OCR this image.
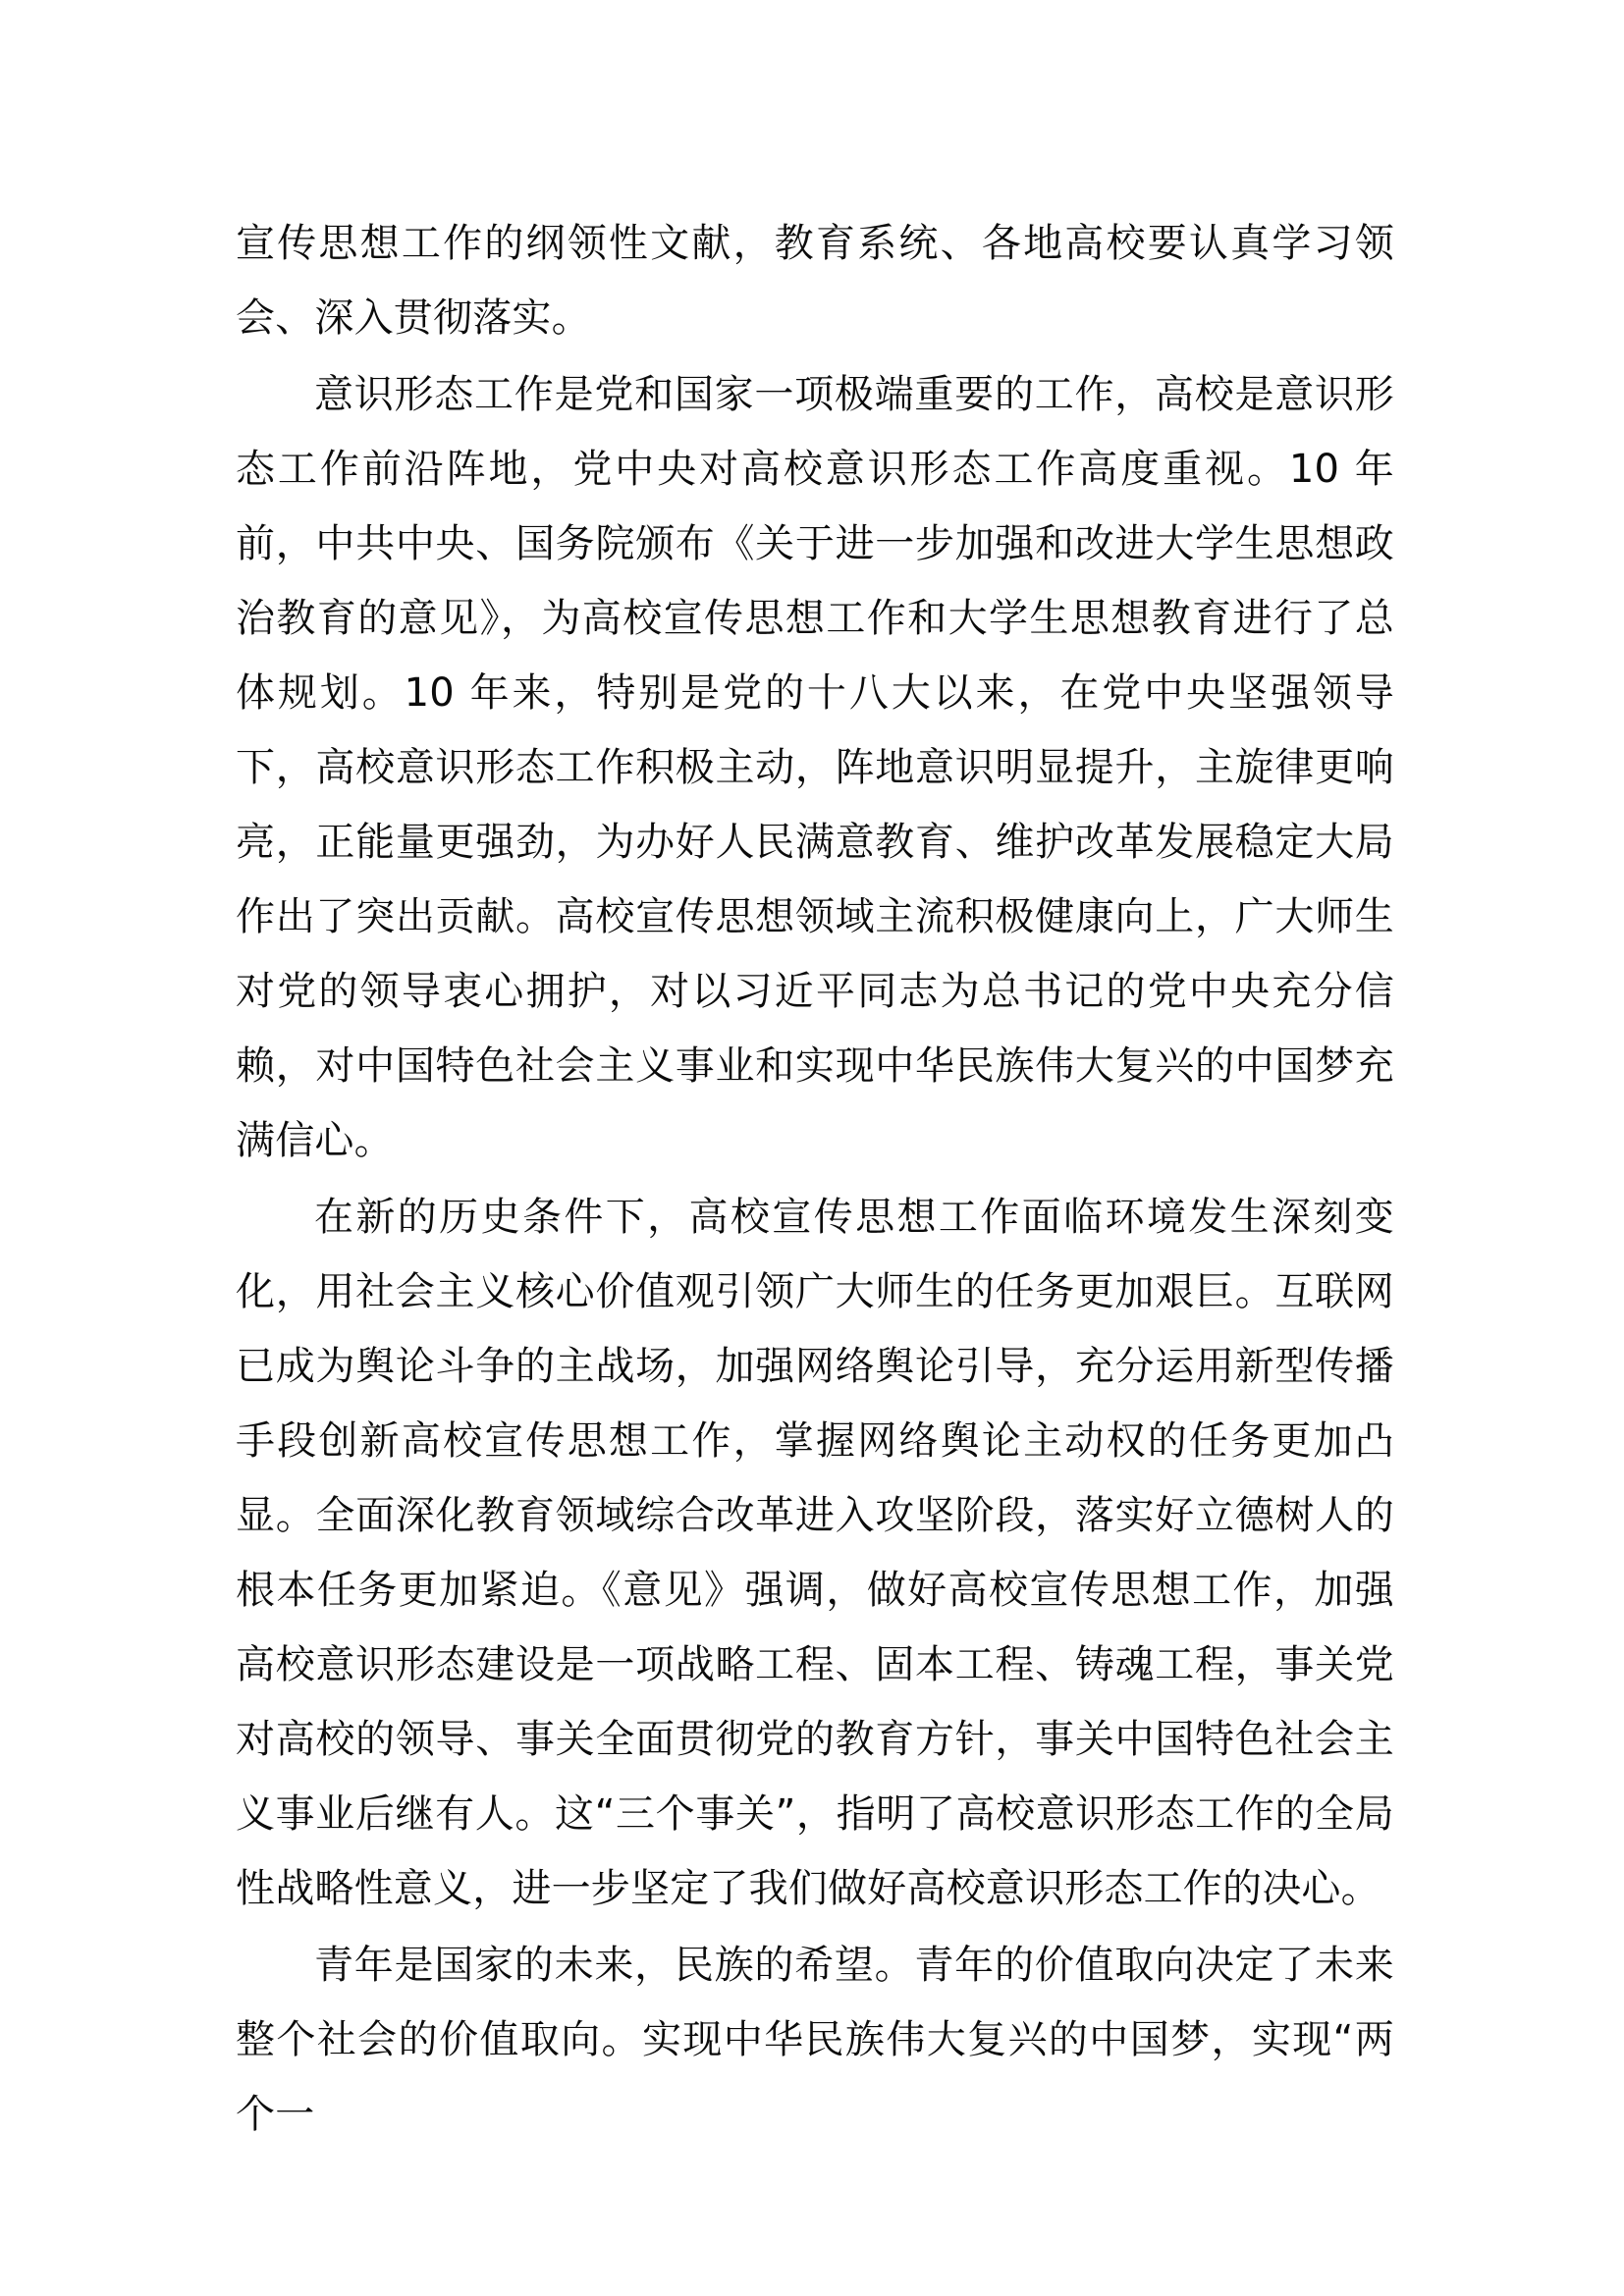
宣传思想工作的纲领性文献，教育系统、各地高校要认真学习领会、深入贯彻落实。

意识形态工作是党和国家一项极端重要的工作，高校是意识形态工作前沿阵地，党中央对高校意识形态工作高度重视。10 年前，中共中央、国务院颁布《关于进一步加强和改进大学生思想政治教育的意见》，为高校宣传思想工作和大学生思想教育进行了总体规划。10 年来，特别是党的十八大以来，在党中央坚强领导下，高校意识形态工作积极主动，阵地意识明显提升，主旋律更响亮，正能量更强劲，为办好人民满意教育、维护改革发展稳定大局作出了突出贡献。高校宣传思想领域主流积极健康向上，广大师生对党的领导衷心拥护，对以习近平同志为总书记的党中央充分信赖，对中国特色社会主义事业和实现中华民族伟大复兴的中国梦充满信心。

在新的历史条件下，高校宣传思想工作面临环境发生深刻变化，用社会主义核心价值观引领广大师生的任务更加艰巨。互联网已成为舆论斗争的主战场，加强网络舆论引导，充分运用新型传播手段创新高校宣传思想工作，掌握网络舆论主动权的任务更加凸显。全面深化教育领域综合改革进入攻坚阶段，落实好立德树人的根本任务更加紧迫。《意见》强调，做好高校宣传思想工作，加强高校意识形态建设是一项战略工程、固本工程、铸魂工程，事关党对高校的领导、事关全面贯彻党的教育方针，事关中国特色社会主义事业后继有人。这“三个事关”，指明了高校意识形态工作的全局性战略性意义，进一步坚定了我们做好高校意识形态工作的决心。

青年是国家的未来，民族的希望。青年的价值取向决定了未来整个社会的价值取向。实现中华民族伟大复兴的中国梦，实现“两个一
